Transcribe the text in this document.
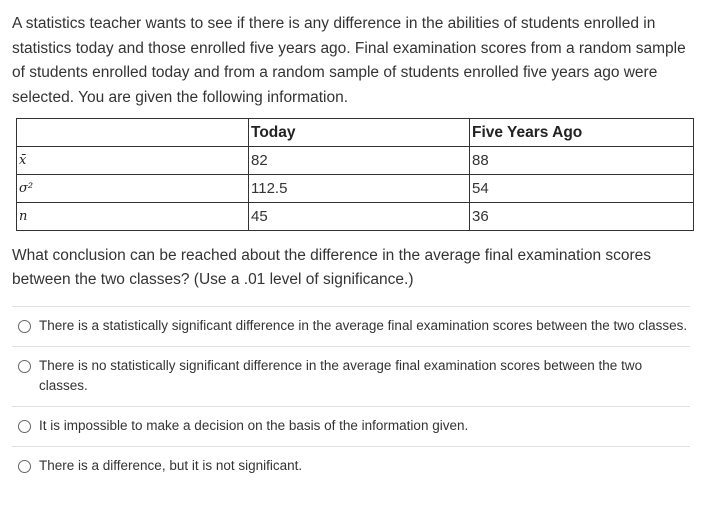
A statistics teacher wants to see if there is any difference in the abilities of students enrolled in statistics today and those enrolled five years ago. Final examination scores from a random sample of students enrolled today and from a random sample of students enrolled five years ago were selected. You are given the following information.

	Today	Five Years Ago
x̄	82	88
σ²	112.5	54
n	45	36

What conclusion can be reached about the difference in the average final examination scores between the two classes? (Use a .01 level of significance.)

There is a statistically significant difference in the average final examination scores between the two classes.
There is no statistically significant difference in the average final examination scores between the two classes.
It is impossible to make a decision on the basis of the information given.
There is a difference, but it is not significant.
